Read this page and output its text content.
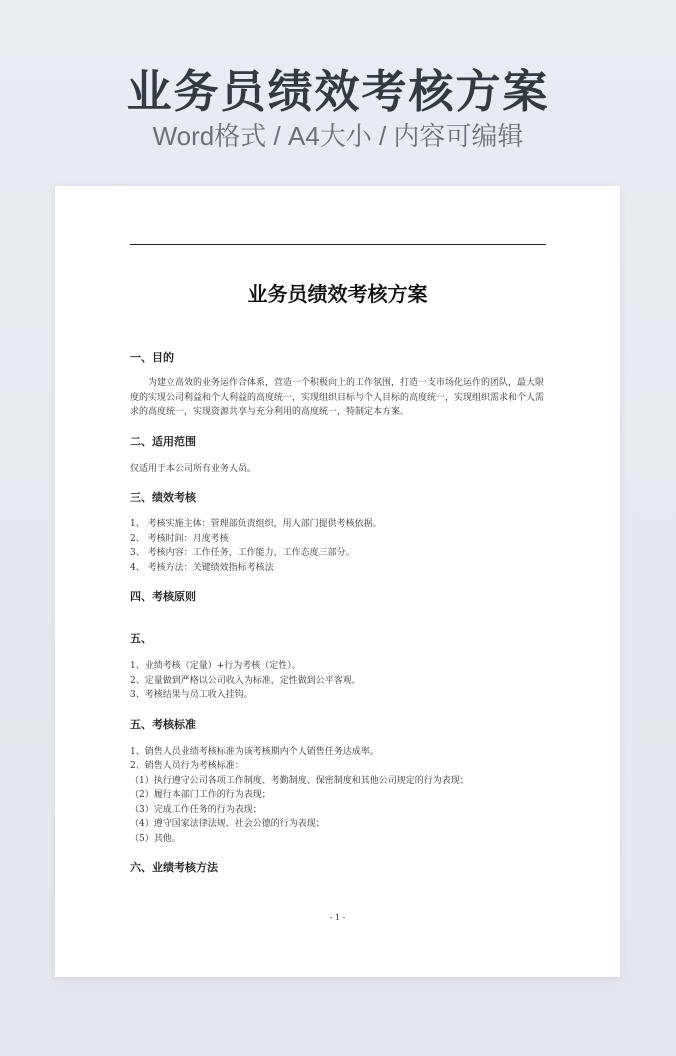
业务员绩效考核方案
Word格式 / A4大小 / 内容可编辑
业务员绩效考核方案
一、目的
为建立高效的业务运作合体系，营造一个积极向上的工作氛围，打造一支市场化运作的团队，最大限度的实现公司利益和个人利益的高度统一，实现组织目标与个人目标的高度统一，实现组织需求和个人需求的高度统一，实现资源共享与充分利用的高度统一，特制定本方案。
二、适用范围
仅适用于本公司所有业务人员。
三、绩效考核
1、 考核实施主体：管理部负责组织，用人部门提供考核依据。
2、 考核时间：月度考核
3、 考核内容：工作任务，工作能力，工作态度三部分。
4、 考核方法：关键绩效指标考核法
四、考核原则
五、
1、业绩考核（定量）+行为考核（定性）。
2、定量做到严格以公司收入为标准，定性做到公平客观。
3、考核结果与员工收入挂钩。
五、考核标准
1、销售人员业绩考核标准为该考核期内个人销售任务达成率。
2、销售人员行为考核标准：
（1）执行遵守公司各项工作制度、考勤制度、保密制度和其他公司规定的行为表现；
（2）履行本部门工作的行为表现；
（3）完成工作任务的行为表现；
（4）遵守国家法律法规、社会公德的行为表现；
（5）其他。
六、业绩考核方法
- 1 -
